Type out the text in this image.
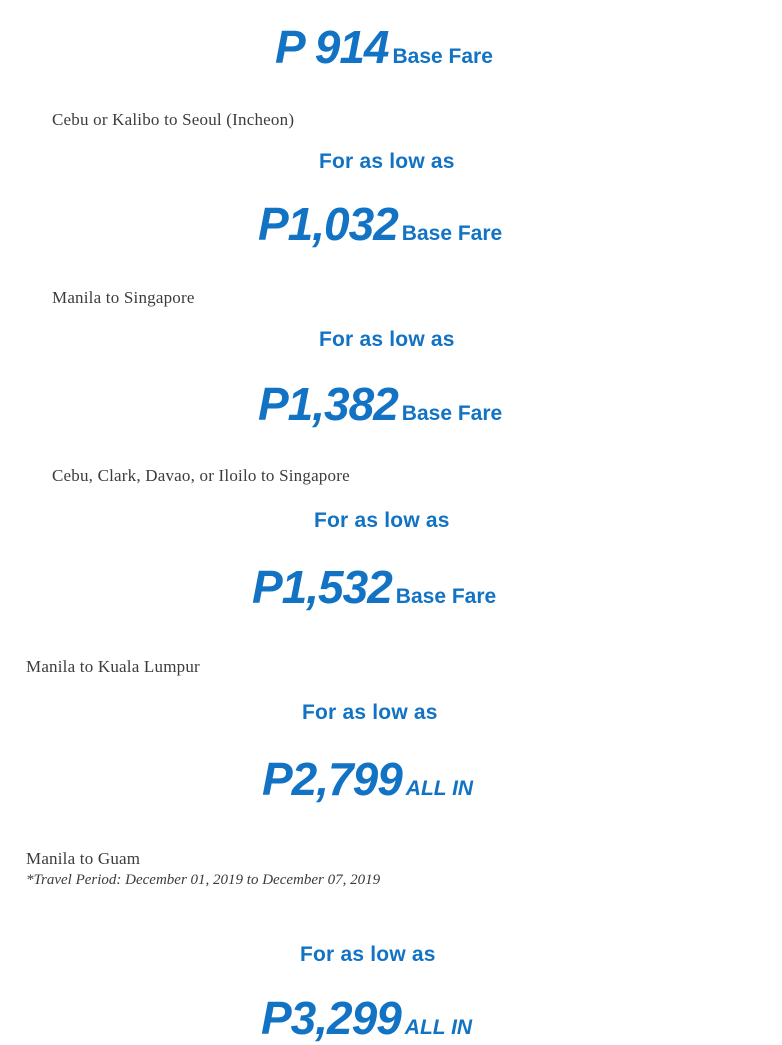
P 914 Base Fare
Cebu or Kalibo to Seoul (Incheon)
For as low as
P1,032 Base Fare
Manila to Singapore
For as low as
P1,382 Base Fare
Cebu, Clark, Davao, or Iloilo to Singapore
For as low as
P1,532 Base Fare
Manila to Kuala Lumpur
For as low as
P2,799 ALL IN
Manila to Guam
*Travel Period: December 01, 2019 to December 07, 2019
For as low as
P3,299 ALL IN
